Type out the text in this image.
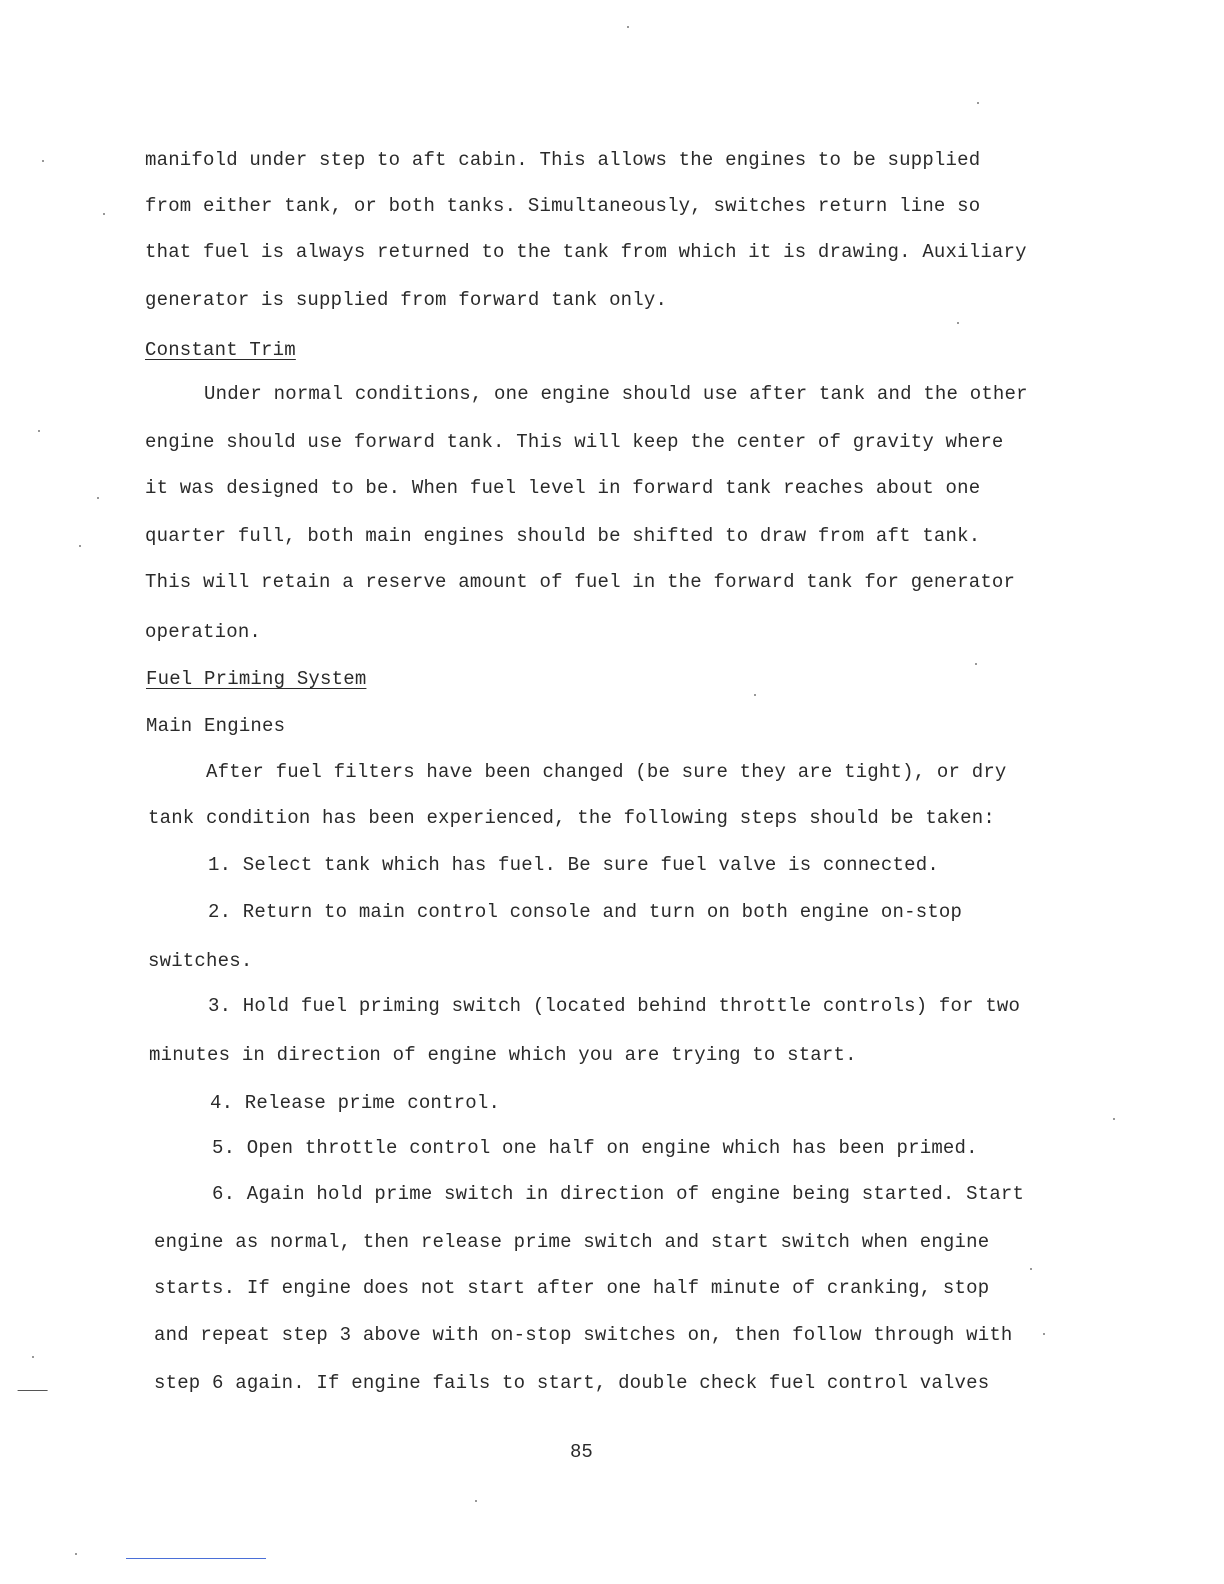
manifold under step to aft cabin. This allows the engines to be supplied
from either tank, or both tanks. Simultaneously, switches return line so
that fuel is always returned to the tank from which it is drawing. Auxiliary
generator is supplied from forward tank only.
Constant Trim
Under normal conditions, one engine should use after tank and the other
engine should use forward tank. This will keep the center of gravity where
it was designed to be. When fuel level in forward tank reaches about one
quarter full, both main engines should be shifted to draw from aft tank.
This will retain a reserve amount of fuel in the forward tank for generator
operation.
Fuel Priming System
Main Engines
After fuel filters have been changed (be sure they are tight), or dry
tank condition has been experienced, the following steps should be taken:
1. Select tank which has fuel. Be sure fuel valve is connected.
2. Return to main control console and turn on both engine on-stop
switches.
3. Hold fuel priming switch (located behind throttle controls) for two
minutes in direction of engine which you are trying to start.
4. Release prime control.
5. Open throttle control one half on engine which has been primed.
6. Again hold prime switch in direction of engine being started. Start
engine as normal, then release prime switch and start switch when engine
starts. If engine does not start after one half minute of cranking, stop
and repeat step 3 above with on-stop switches on, then follow through with
step 6 again. If engine fails to start, double check fuel control valves
85
